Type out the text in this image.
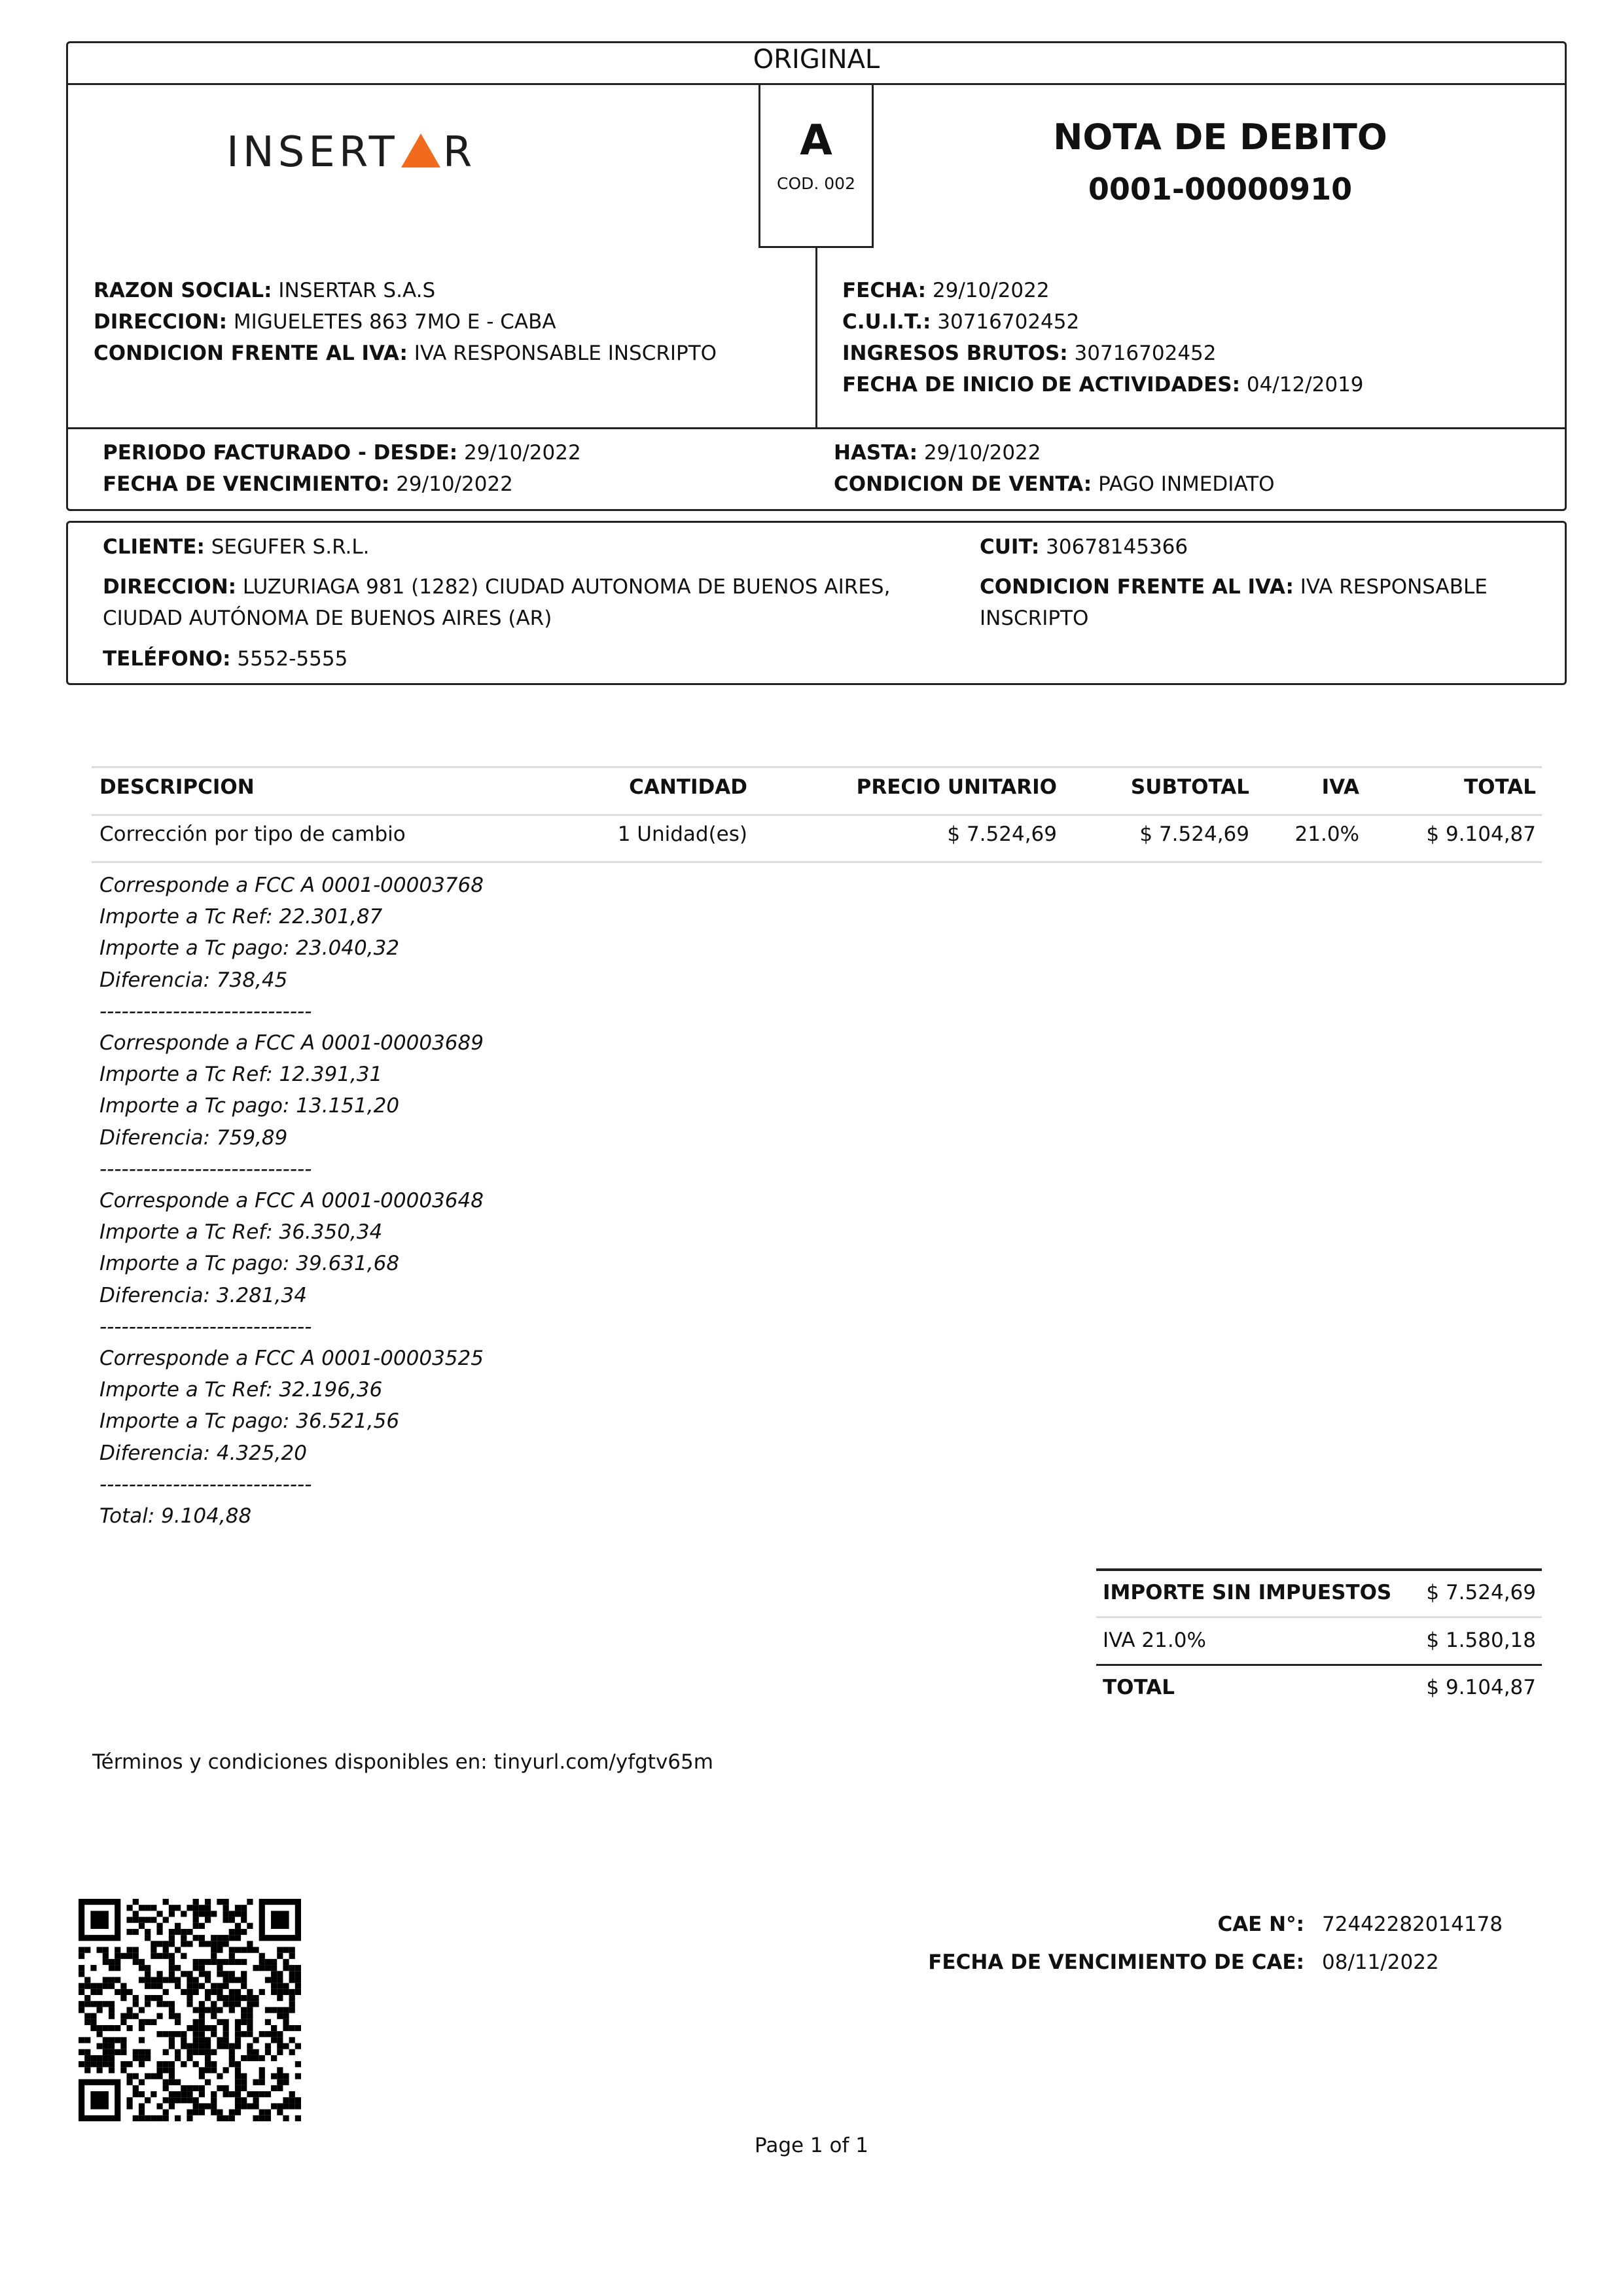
ORIGINAL
INSERT R	A
COD. 002
NOTA DE DEBITO
0001-00000910
RAZON SOCIAL: INSERTAR S.A.S
DIRECCION: MIGUELETES 863 7MO E - CABA
CONDICION FRENTE AL IVA: IVA RESPONSABLE INSCRIPTO
FECHA: 29/10/2022
C.U.I.T.: 30716702452
INGRESOS BRUTOS: 30716702452
FECHA DE INICIO DE ACTIVIDADES: 04/12/2019
PERIODO FACTURADO - DESDE: 29/10/2022
FECHA DE VENCIMIENTO: 29/10/2022
HASTA: 29/10/2022
CONDICION DE VENTA: PAGO INMEDIATO
CLIENTE: SEGUFER S.R.L.
DIRECCION: LUZURIAGA 981 (1282) CIUDAD AUTONOMA DE BUENOS AIRES,
CIUDAD AUTÓNOMA DE BUENOS AIRES (AR)
TELÉFONO: 5552-5555
CUIT: 30678145366
CONDICION FRENTE AL IVA: IVA RESPONSABLE
INSCRIPTO
DESCRIPCION	CANTIDAD	PRECIO UNITARIO	SUBTOTAL	IVA	TOTAL
Corrección por tipo de cambio	1 Unidad(es)	$ 7.524,69	$ 7.524,69 21.0%	$ 9.104,87
Corresponde a FCC A 0001-00003768
Importe a Tc Ref: 22.301,87
Importe a Tc pago: 23.040,32
Diferencia: 738,45
-----------------------------
Corresponde a FCC A 0001-00003689
Importe a Tc Ref: 12.391,31
Importe a Tc pago: 13.151,20
Diferencia: 759,89
-----------------------------
Corresponde a FCC A 0001-00003648
Importe a Tc Ref: 36.350,34
Importe a Tc pago: 39.631,68
Diferencia: 3.281,34
-----------------------------
Corresponde a FCC A 0001-00003525
Importe a Tc Ref: 32.196,36
Importe a Tc pago: 36.521,56
Diferencia: 4.325,20
-----------------------------
Total: 9.104,88
IMPORTE SIN IMPUESTOS $ 7.524,69
IVA 21.0%	$ 1.580,18
TOTAL	$ 9.104,87
Términos y condiciones disponibles en: tinyurl.com/yfgtv65m
CAE N°: 72442282014178
FECHA DE VENCIMIENTO DE CAE: 08/11/2022
Page 1 of 1
